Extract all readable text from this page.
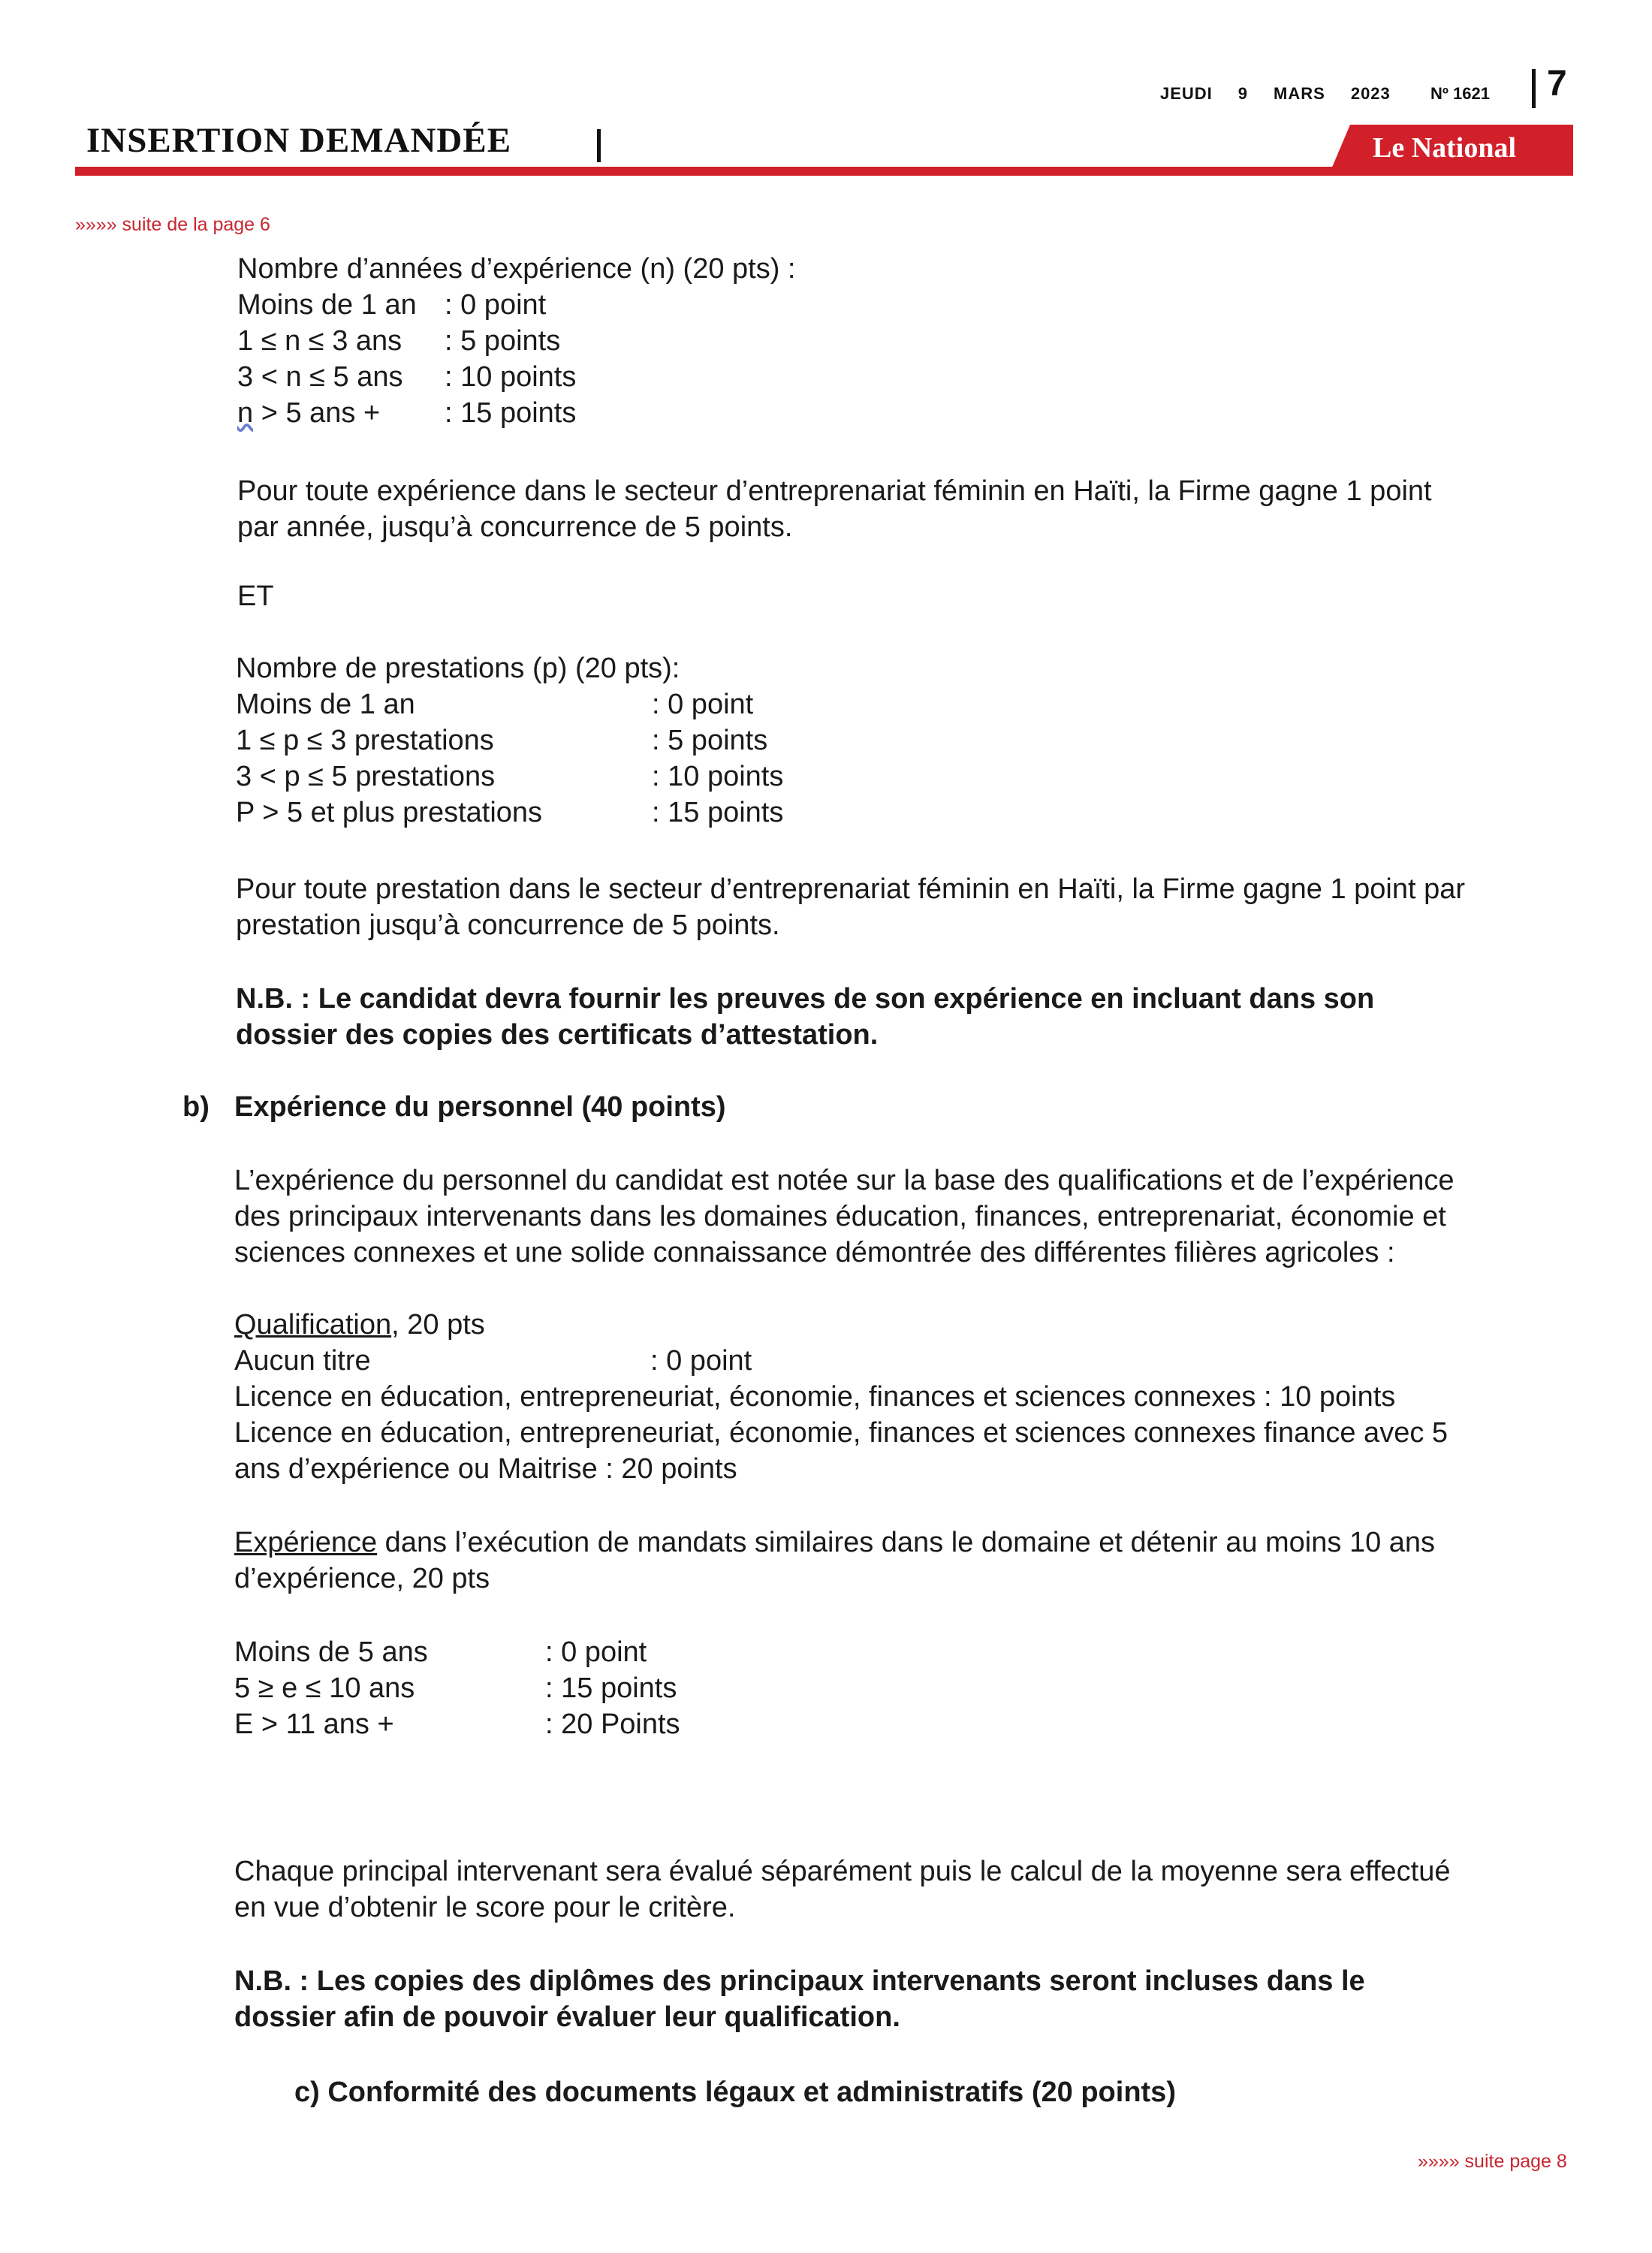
JEUDI 9 MARS 2023	Nº 1621 7
INSERTION DEMANDÉE	Le National
»»»» suite de la page 6
Nombre d’années d’expérience (n) (20 pts) :
Moins de 1 an : 0 point
1 ≤ n ≤ 3 ans : 5 points
3 < n ≤ 5 ans : 10 points
n > 5 ans + : 15 points
Pour toute expérience dans le secteur d’entreprenariat féminin en Haïti, la Firme gagne 1 point
par année, jusqu’à concurrence de 5 points.
ET
Nombre de prestations (p) (20 pts):
Moins de 1 an	: 0 point
1 ≤ p ≤ 3 prestations	: 5 points
3 < p ≤ 5 prestations	: 10 points
P > 5 et plus prestations	: 15 points
Pour toute prestation dans le secteur d’entreprenariat féminin en Haïti, la Firme gagne 1 point par
prestation jusqu’à concurrence de 5 points.
N.B. : Le candidat devra fournir les preuves de son expérience en incluant dans son
dossier des copies des certificats d’attestation.
b) Expérience du personnel (40 points)
L’expérience du personnel du candidat est notée sur la base des qualifications et de l’expérience
des principaux intervenants dans les domaines éducation, finances, entreprenariat, économie et
sciences connexes et une solide connaissance démontrée des différentes filières agricoles :
Qualification, 20 pts
Aucun titre	: 0 point
Licence en éducation, entrepreneuriat, économie, finances et sciences connexes : 10 points
Licence en éducation, entrepreneuriat, économie, finances et sciences connexes finance avec 5
ans d’expérience ou Maitrise : 20 points
Expérience dans l’exécution de mandats similaires dans le domaine et détenir au moins 10 ans
d’expérience, 20 pts
Moins de 5 ans	: 0 point
5 ≥ e ≤ 10 ans	: 15 points
E > 11 ans +	: 20 Points
Chaque principal intervenant sera évalué séparément puis le calcul de la moyenne sera effectué
en vue d’obtenir le score pour le critère.
N.B. : Les copies des diplômes des principaux intervenants seront incluses dans le
dossier afin de pouvoir évaluer leur qualification.
c) Conformité des documents légaux et administratifs (20 points)
»»»» suite page 8
